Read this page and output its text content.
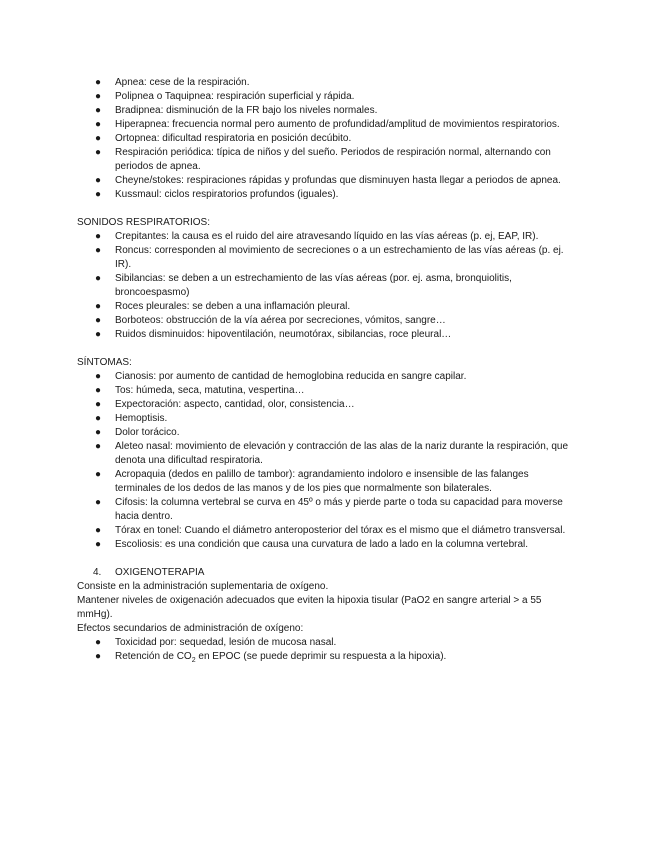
● Apnea: cese de la respiración.
● Polipnea o Taquipnea: respiración superficial y rápida.
● Bradipnea: disminución de la FR bajo los niveles normales.
● Hiperapnea: frecuencia normal pero aumento de profundidad/amplitud de movimientos respiratorios.
● Ortopnea: dificultad respiratoria en posición decúbito.
● Respiración periódica: típica de niños y del sueño. Periodos de respiración normal, alternando con periodos de apnea.
● Cheyne/stokes: respiraciones rápidas y profundas que disminuyen hasta llegar a periodos de apnea.
● Kussmaul: ciclos respiratorios profundos (iguales).

SONIDOS RESPIRATORIOS:

● Crepitantes: la causa es el ruido del aire atravesando líquido en las vías aéreas (p. ej, EAP, IR).
● Roncus: corresponden al movimiento de secreciones o a un estrechamiento de las vías aéreas (p. ej. IR).
● Sibilancias: se deben a un estrechamiento de las vías aéreas (por. ej. asma, bronquiolitis, broncoespasmo)
● Roces pleurales: se deben a una inflamación pleural.
● Borboteos: obstrucción de la vía aérea por secreciones, vómitos, sangre…
● Ruidos disminuidos: hipoventilación, neumotórax, sibilancias, roce pleural…

SÍNTOMAS:

● Cianosis: por aumento de cantidad de hemoglobina reducida en sangre capilar.
● Tos: húmeda, seca, matutina, vespertina…
● Expectoración: aspecto, cantidad, olor, consistencia…
● Hemoptisis.
● Dolor torácico.
● Aleteo nasal: movimiento de elevación y contracción de las alas de la nariz durante la respiración, que denota una dificultad respiratoria.
● Acropaquia (dedos en palillo de tambor): agrandamiento indoloro e insensible de las falanges terminales de los dedos de las manos y de los pies que normalmente son bilaterales.
● Cifosis: la columna vertebral se curva en 45º o más y pierde parte o toda su capacidad para moverse hacia dentro.
● Tórax en tonel: Cuando el diámetro anteroposterior del tórax es el mismo que el diámetro transversal.
● Escoliosis: es una condición que causa una curvatura de lado a lado en la columna vertebral.

4. OXIGENOTERAPIA

Consiste en la administración suplementaria de oxígeno.

Mantener niveles de oxigenación adecuados que eviten la hipoxia tisular (PaO2 en sangre arterial > a 55 mmHg).

Efectos secundarios de administración de oxígeno:

● Toxicidad por: sequedad, lesión de mucosa nasal.
● Retención de $CO_2$ en EPOC (se puede deprimir su respuesta a la hipoxia).
